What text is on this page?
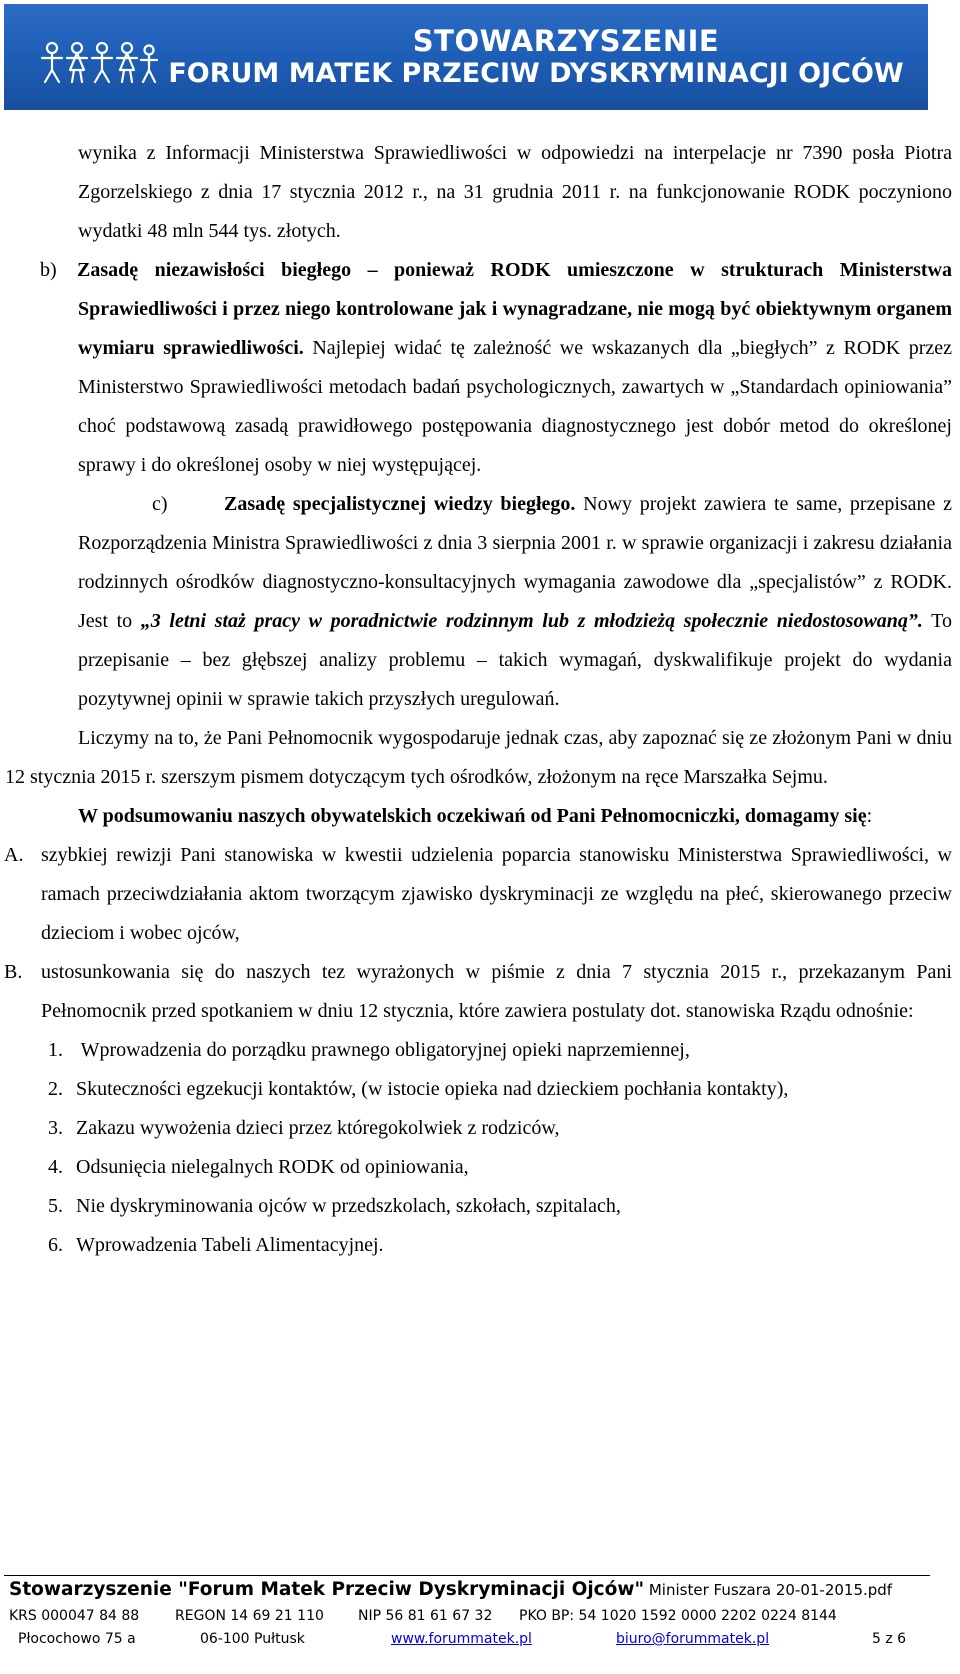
STOWARZYSZENIE
FORUM MATEK PRZECIW DYSKRYMINACJI OJCÓW

wynika z Informacji Ministerstwa Sprawiedliwości w odpowiedzi na interpelacje nr 7390 posła Piotra Zgorzelskiego z dnia 17 stycznia 2012 r., na 31 grudnia 2011 r. na funkcjonowanie RODK poczyniono wydatki 48 mln 544 tys. złotych.

b) Zasadę niezawisłości biegłego – ponieważ RODK umieszczone w strukturach Ministerstwa Sprawiedliwości i przez niego kontrolowane jak i wynagradzane, nie mogą być obiektywnym organem wymiaru sprawiedliwości. Najlepiej widać tę zależność we wskazanych dla „biegłych” z RODK przez Ministerstwo Sprawiedliwości metodach badań psychologicznych, zawartych w „Standardach opiniowania” choć podstawową zasadą prawidłowego postępowania diagnostycznego jest dobór metod do określonej sprawy i do określonej osoby w niej występującej.

c)	Zasadę specjalistycznej wiedzy biegłego. Nowy projekt zawiera te same, przepisane z Rozporządzenia Ministra Sprawiedliwości z dnia 3 sierpnia 2001 r. w sprawie organizacji i zakresu działania rodzinnych ośrodków diagnostyczno-konsultacyjnych wymagania zawodowe dla „specjalistów” z RODK. Jest to „3 letni staż pracy w poradnictwie rodzinnym lub z młodzieżą społecznie niedostosowaną”. To przepisanie – bez głębszej analizy problemu – takich wymagań, dyskwalifikuje projekt do wydania pozytywnej opinii w sprawie takich przyszłych uregulowań.

Liczymy na to, że Pani Pełnomocnik wygospodaruje jednak czas, aby zapoznać się ze złożonym Pani w dniu 12 stycznia 2015 r. szerszym pismem dotyczącym tych ośrodków, złożonym na ręce Marszałka Sejmu.

W podsumowaniu naszych obywatelskich oczekiwań od Pani Pełnomocniczki, domagamy się:

A. szybkiej rewizji Pani stanowiska w kwestii udzielenia poparcia stanowisku Ministerstwa Sprawiedliwości, w ramach przeciwdziałania aktom tworzącym zjawisko dyskryminacji ze względu na płeć, skierowanego przeciw dzieciom i wobec ojców,

B. ustosunkowania się do naszych tez wyrażonych w piśmie z dnia 7 stycznia 2015 r., przekazanym Pani Pełnomocnik przed spotkaniem w dniu 12 stycznia, które zawiera postulaty dot. stanowiska Rządu odnośnie:

1. Wprowadzenia do porządku prawnego obligatoryjnej opieki naprzemiennej,
2. Skuteczności egzekucji kontaktów, (w istocie opieka nad dzieckiem pochłania kontakty),
3. Zakazu wywożenia dzieci przez któregokolwiek z rodziców,
4. Odsunięcia nielegalnych RODK od opiniowania,
5. Nie dyskryminowania ojców w przedszkolach, szkołach, szpitalach,
6. Wprowadzenia Tabeli Alimentacyjnej.
Stowarzyszenie "Forum Matek Przeciw Dyskryminacji Ojców" Minister Fuszara 20-01-2015.pdf
KRS 000047 84 88	REGON 14 69 21 110 NIP 56 81 61 67 32 PKO BP: 54 1020 1592 0000 2202 0224 8144
Płocochowo 75 a	06-100 Pułtusk	www.forummatek.pl	biuro@forummatek.pl	5 z 6
